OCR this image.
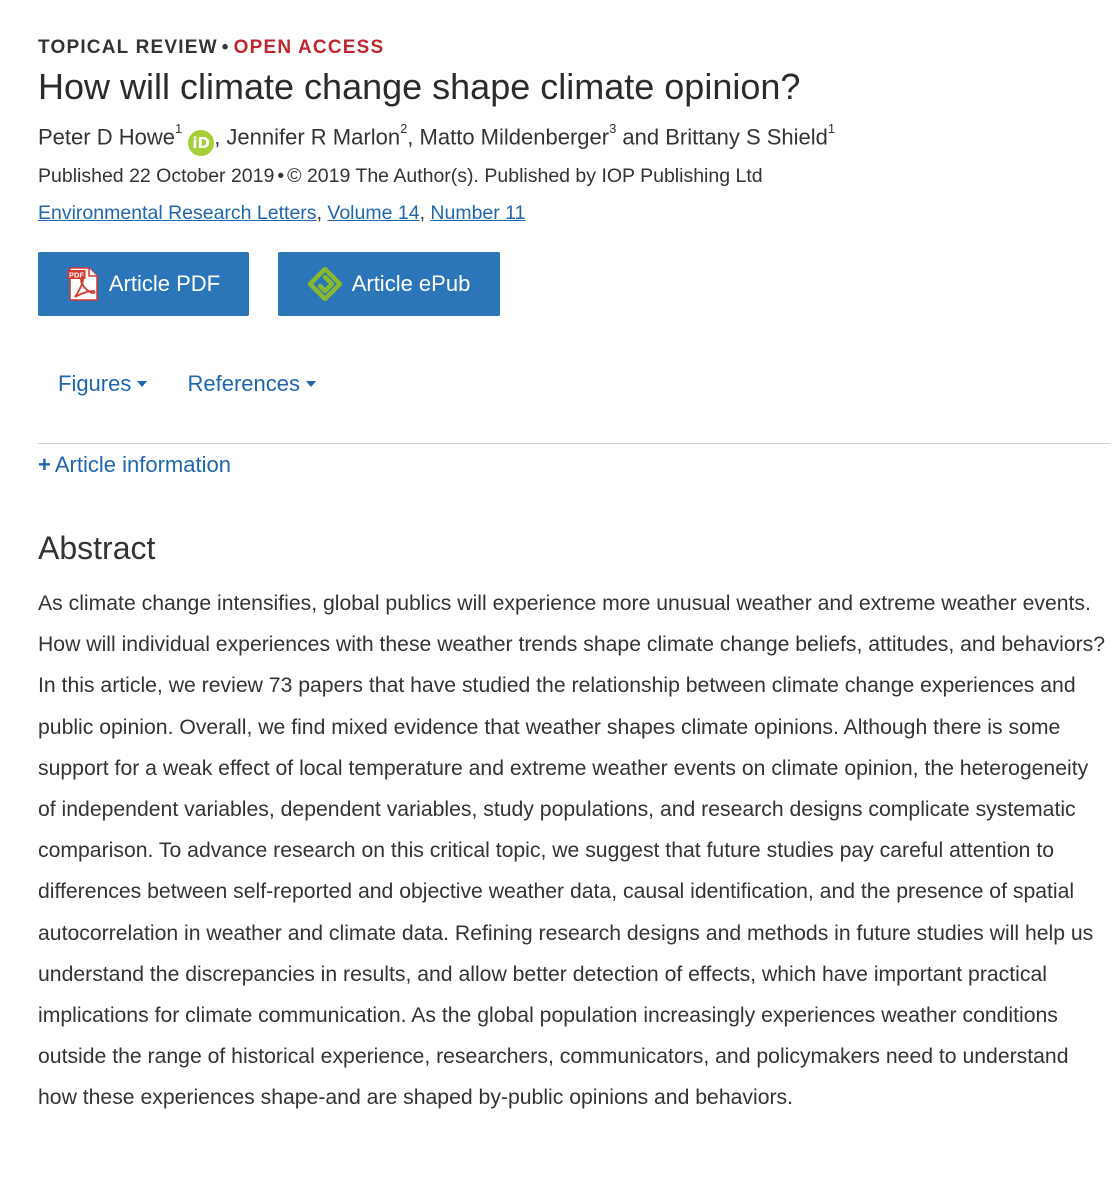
TOPICAL REVIEW • OPEN ACCESS
How will climate change shape climate opinion?
Peter D Howe$^1$iD , Jennifer R Marlon$^2$, Matto Mildenberger$^3$ and Brittany S Shield$^1$
Published 22 October 2019 • © 2019 The Author(s). Published by IOP Publishing Ltd
Environmental Research Letters, Volume 14, Number 11
PDF Article PDF	Article ePub
Figures	References
+ Article information
Abstract

As climate change intensifies, global publics will experience more unusual weather and extreme weather events. How will individual experiences with these weather trends shape climate change beliefs, attitudes, and behaviors? In this article, we review 73 papers that have studied the relationship between climate change experiences and public opinion. Overall, we find mixed evidence that weather shapes climate opinions. Although there is some support for a weak effect of local temperature and extreme weather events on climate opinion, the heterogeneity of independent variables, dependent variables, study populations, and research designs complicate systematic comparison. To advance research on this critical topic, we suggest that future studies pay careful attention to differences between self-reported and objective weather data, causal identification, and the presence of spatial autocorrelation in weather and climate data. Refining research designs and methods in future studies will help us understand the discrepancies in results, and allow better detection of effects, which have important practical implications for climate communication. As the global population increasingly experiences weather conditions outside the range of historical experience, researchers, communicators, and policymakers need to understand how these experiences shape-and are shaped by-public opinions and behaviors.
